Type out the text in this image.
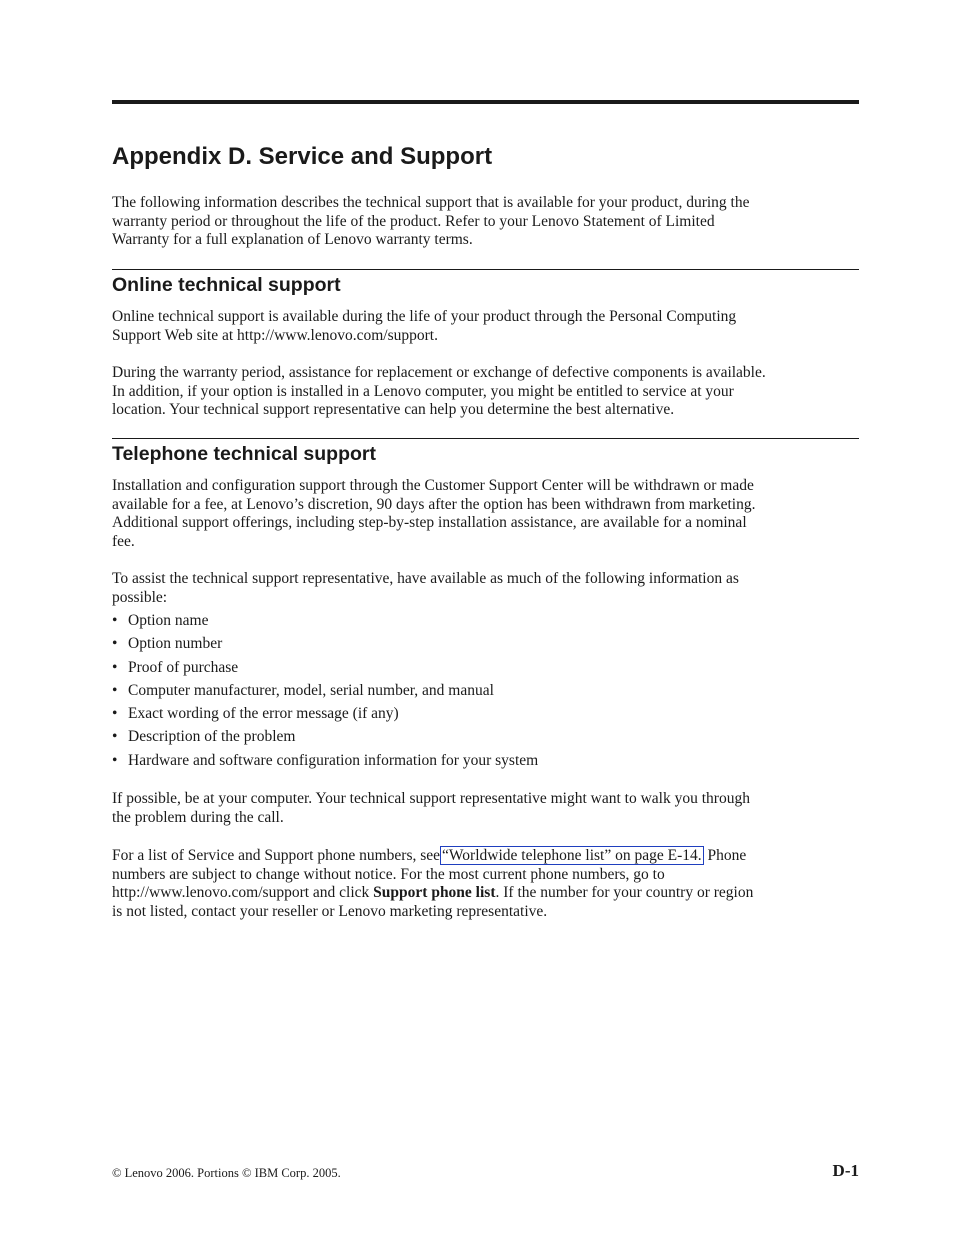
Appendix D. Service and Support

The following information describes the technical support that is available for your product, during the
warranty period or throughout the life of the product. Refer to your Lenovo Statement of Limited
Warranty for a full explanation of Lenovo warranty terms.

Online technical support

Online technical support is available during the life of your product through the Personal Computing
Support Web site at http://www.lenovo.com/support.

During the warranty period, assistance for replacement or exchange of defective components is available.
In addition, if your option is installed in a Lenovo computer, you might be entitled to service at your
location. Your technical support representative can help you determine the best alternative.

Telephone technical support

Installation and configuration support through the Customer Support Center will be withdrawn or made
available for a fee, at Lenovo’s discretion, 90 days after the option has been withdrawn from marketing.
Additional support offerings, including step-by-step installation assistance, are available for a nominal
fee.

To assist the technical support representative, have available as much of the following information as
possible:

• Option name
• Option number
• Proof of purchase
• Computer manufacturer, model, serial number, and manual
• Exact wording of the error message (if any)
• Description of the problem
• Hardware and software configuration information for your system

If possible, be at your computer. Your technical support representative might want to walk you through
the problem during the call.

For a list of Service and Support phone numbers, see “Worldwide telephone list” on page E-14. Phone
numbers are subject to change without notice. For the most current phone numbers, go to
http://www.lenovo.com/support and click Support phone list. If the number for your country or region
is not listed, contact your reseller or Lenovo marketing representative.

© Lenovo 2006. Portions © IBM Corp. 2005.	D-1
